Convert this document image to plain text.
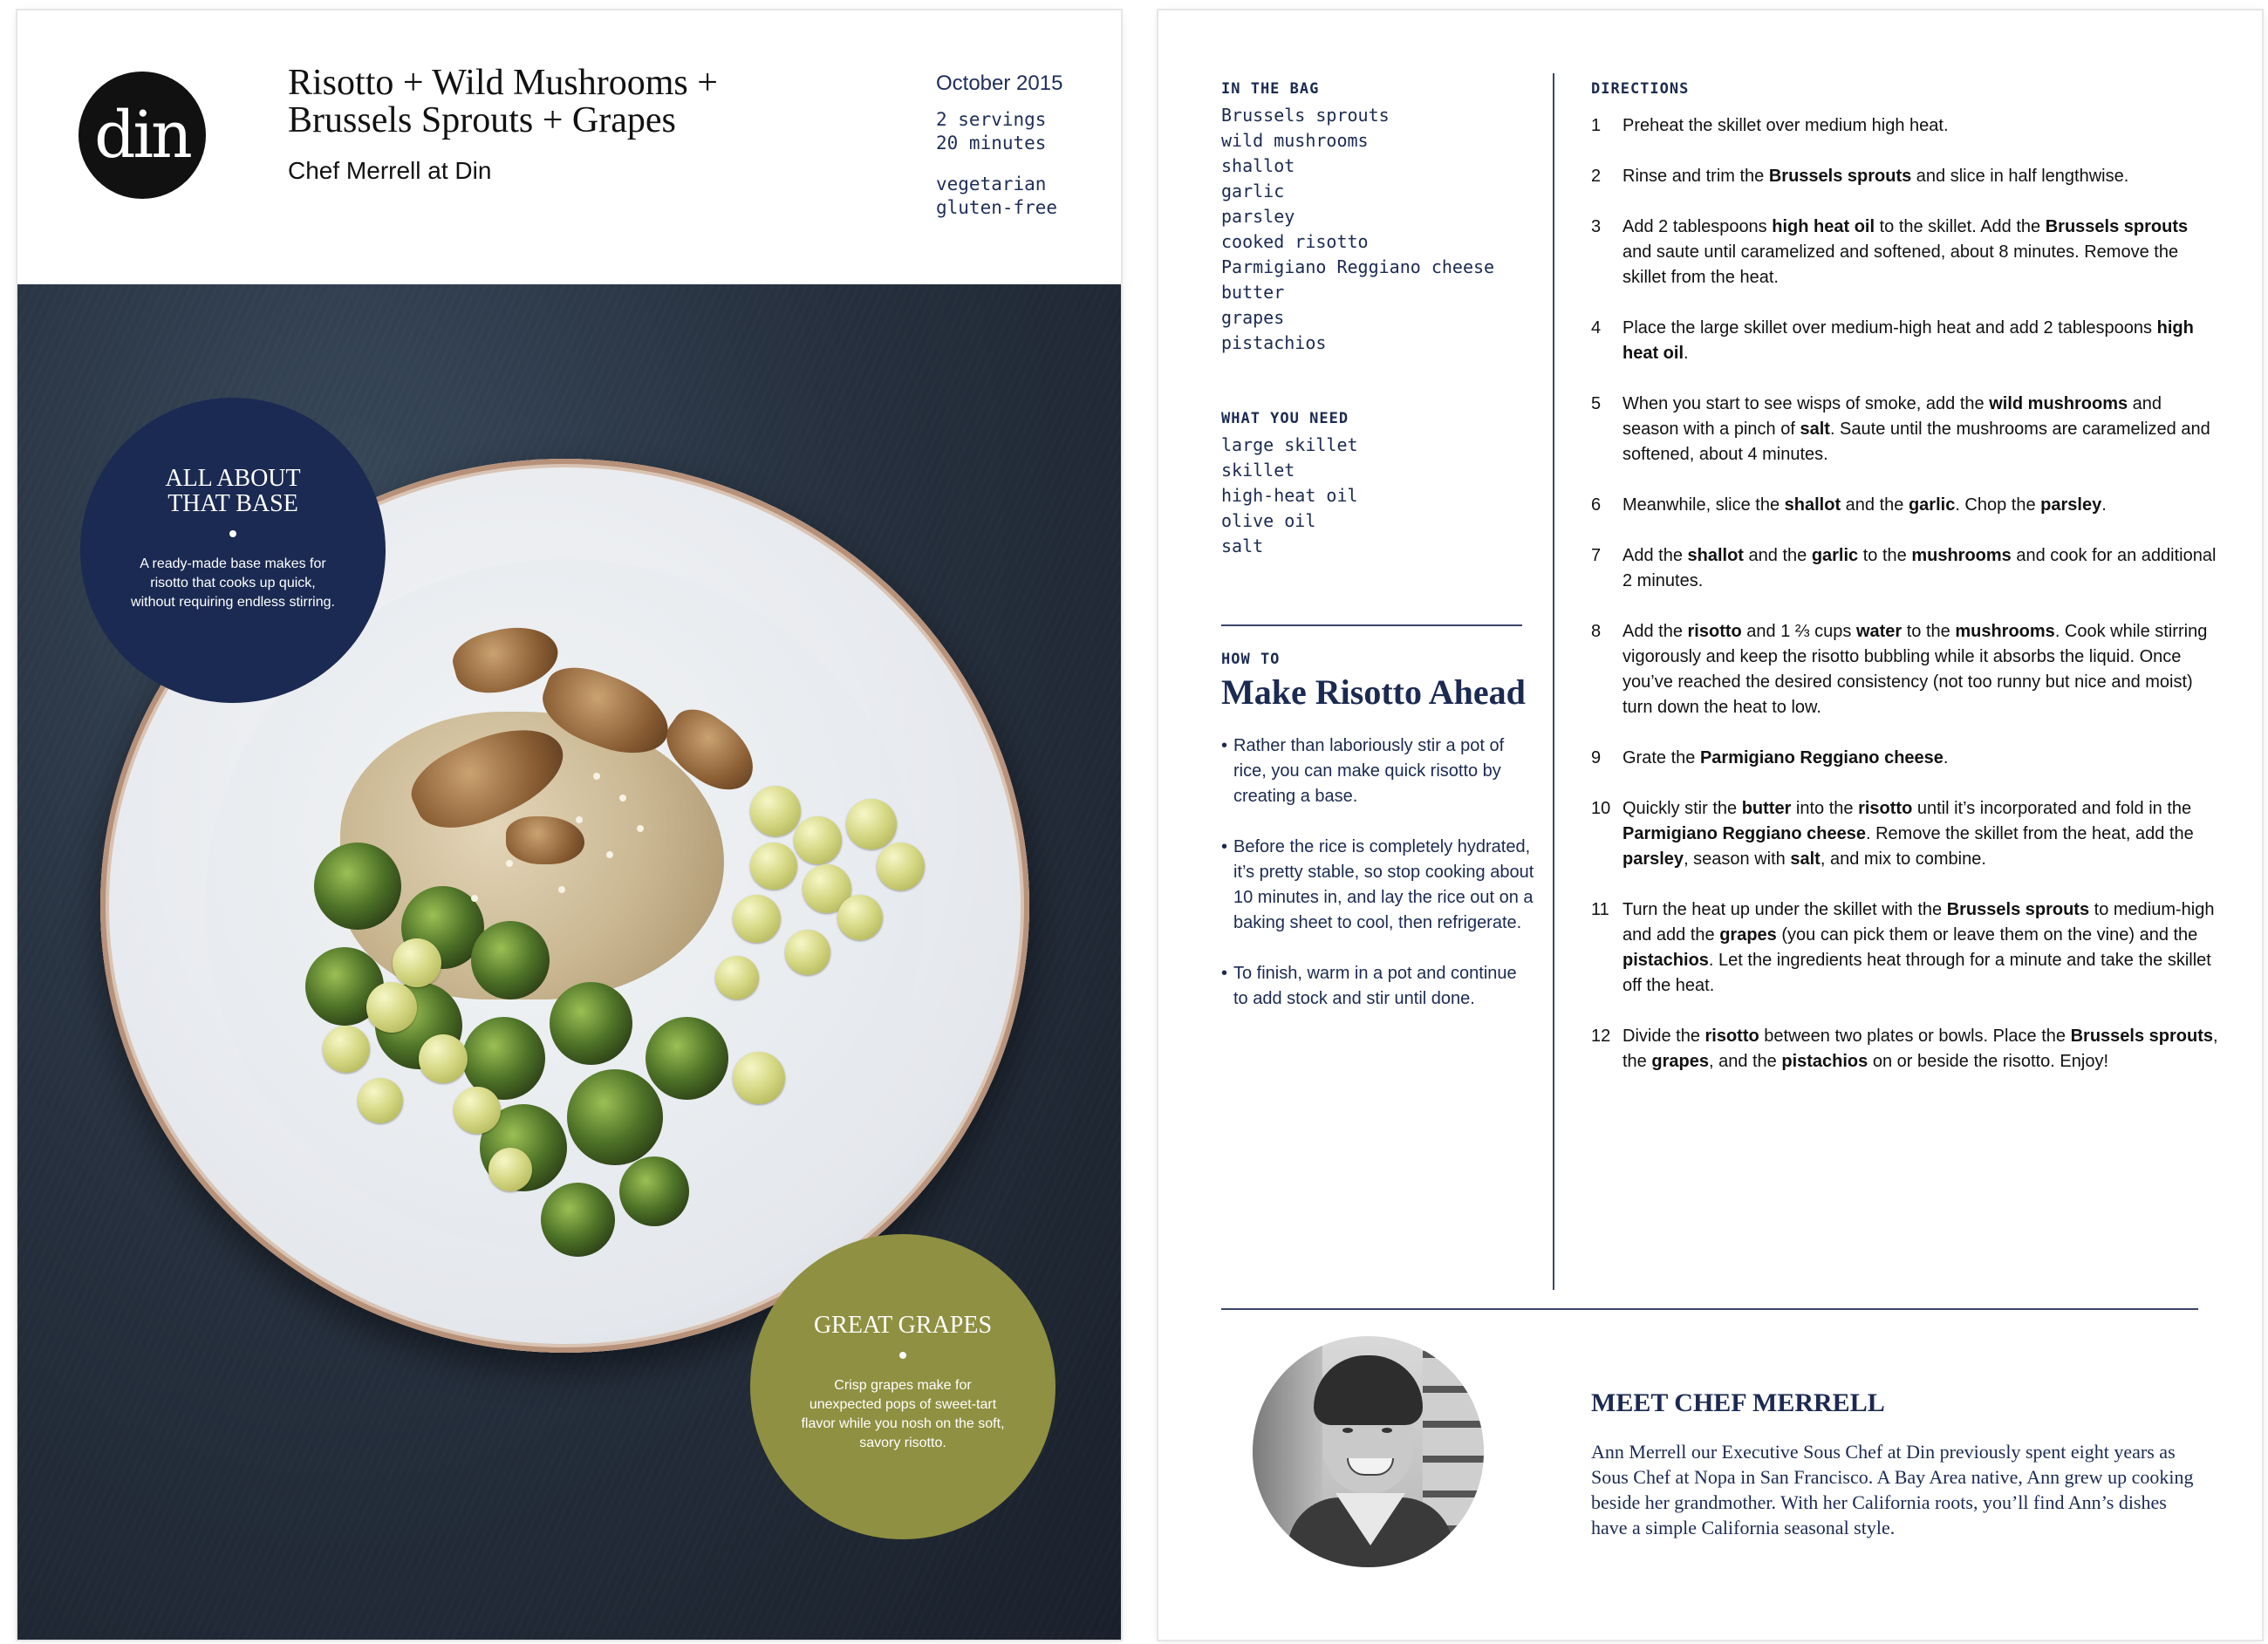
din
Risotto + Wild Mushrooms +
Brussels Sprouts + Grapes
Chef Merrell at Din
October 2015
2 servings
20 minutes
vegetarian
gluten-free
ALL ABOUT
THAT BASE
A ready-made base makes for risotto that cooks up quick, without requiring endless stirring.
GREAT GRAPES
Crisp grapes make for unexpected pops of sweet-tart flavor while you nosh on the soft, savory risotto.
IN THE BAG
Brussels sprouts
wild mushrooms
shallot
garlic
parsley
cooked risotto
Parmigiano Reggiano cheese
butter
grapes
pistachios
WHAT YOU NEED
large skillet
skillet
high-heat oil
olive oil
salt
HOW TO
Make Risotto Ahead
• Rather than laboriously stir a pot of rice, you can make quick risotto by creating a base.
• Before the rice is completely hydrated, it’s pretty stable, so stop cooking about 10 minutes in, and lay the rice out on a baking sheet to cool, then refrigerate.
• To finish, warm in a pot and continue to add stock and stir until done.
DIRECTIONS
1	Preheat the skillet over medium high heat.
2	Rinse and trim the Brussels sprouts and slice in half lengthwise.
3	Add 2 tablespoons high heat oil to the skillet. Add the Brussels sprouts and saute until caramelized and softened, about 8 minutes. Remove the skillet from the heat.
4	Place the large skillet over medium-high heat and add 2 tablespoons high heat oil.
5	When you start to see wisps of smoke, add the wild mushrooms and season with a pinch of salt. Saute until the mushrooms are caramelized and softened, about 4 minutes.
6	Meanwhile, slice the shallot and the garlic. Chop the parsley.
7	Add the shallot and the garlic to the mushrooms and cook for an additional 2 minutes.
8	Add the risotto and 1 ⅔ cups water to the mushrooms. Cook while stirring vigorously and keep the risotto bubbling while it absorbs the liquid. Once you’ve reached the desired consistency (not too runny but nice and moist) turn down the heat to low.
9	Grate the Parmigiano Reggiano cheese.
10 Quickly stir the butter into the risotto until it’s incorporated and fold in the Parmigiano Reggiano cheese. Remove the skillet from the heat, add the parsley, season with salt, and mix to combine.
11 Turn the heat up under the skillet with the Brussels sprouts to medium-high and add the grapes (you can pick them or leave them on the vine) and the pistachios. Let the ingredients heat through for a minute and take the skillet off the heat.
12 Divide the risotto between two plates or bowls. Place the Brussels sprouts, the grapes, and the pistachios on or beside the risotto. Enjoy!
MEET CHEF MERRELL
Ann Merrell our Executive Sous Chef at Din previously spent eight years as Sous Chef at Nopa in San Francisco. A Bay Area native, Ann grew up cooking beside her grandmother. With her California roots, you’ll find Ann’s dishes have a simple California seasonal style.
